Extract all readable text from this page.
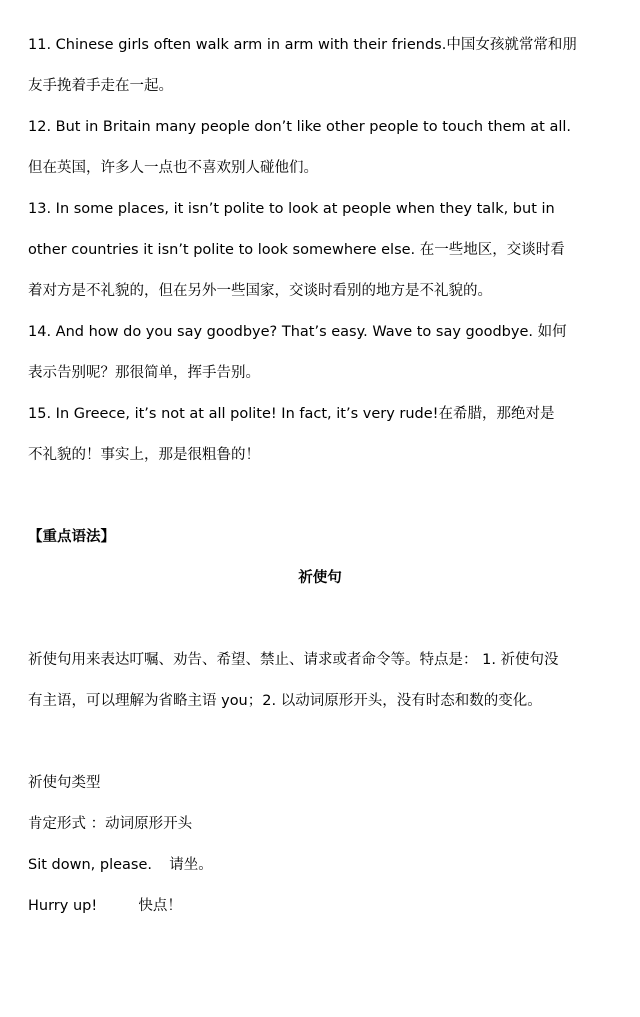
11. Chinese girls often walk arm in arm with their friends.中国女孩就常常和朋
友手挽着手走在一起。
12. But in Britain many people don’t like other people to touch them at all.
但在英国，许多人一点也不喜欢别人碰他们。
13. In some places, it isn’t polite to look at people when they talk, but in
other countries it isn’t polite to look somewhere else. 在一些地区，交谈时看
着对方是不礼貌的，但在另外一些国家，交谈时看别的地方是不礼貌的。
14. And how do you say goodbye? That’s easy. Wave to say goodbye. 如何
表示告别呢？那很简单，挥手告别。
15. In Greece, it’s not at all polite! In fact, it’s very rude!在希腊，那绝对是
不礼貌的！事实上，那是很粗鲁的！
【重点语法】
祈使句
祈使句用来表达叮嘱、劝告、希望、禁止、请求或者命令等。特点是： 1. 祈使句没
有主语，可以理解为省略主语 you；2. 以动词原形开头，没有时态和数的变化。
祈使句类型
肯定形式 ：动词原形开头
Sit down, please. 请坐。
Hurry up!	快点！
